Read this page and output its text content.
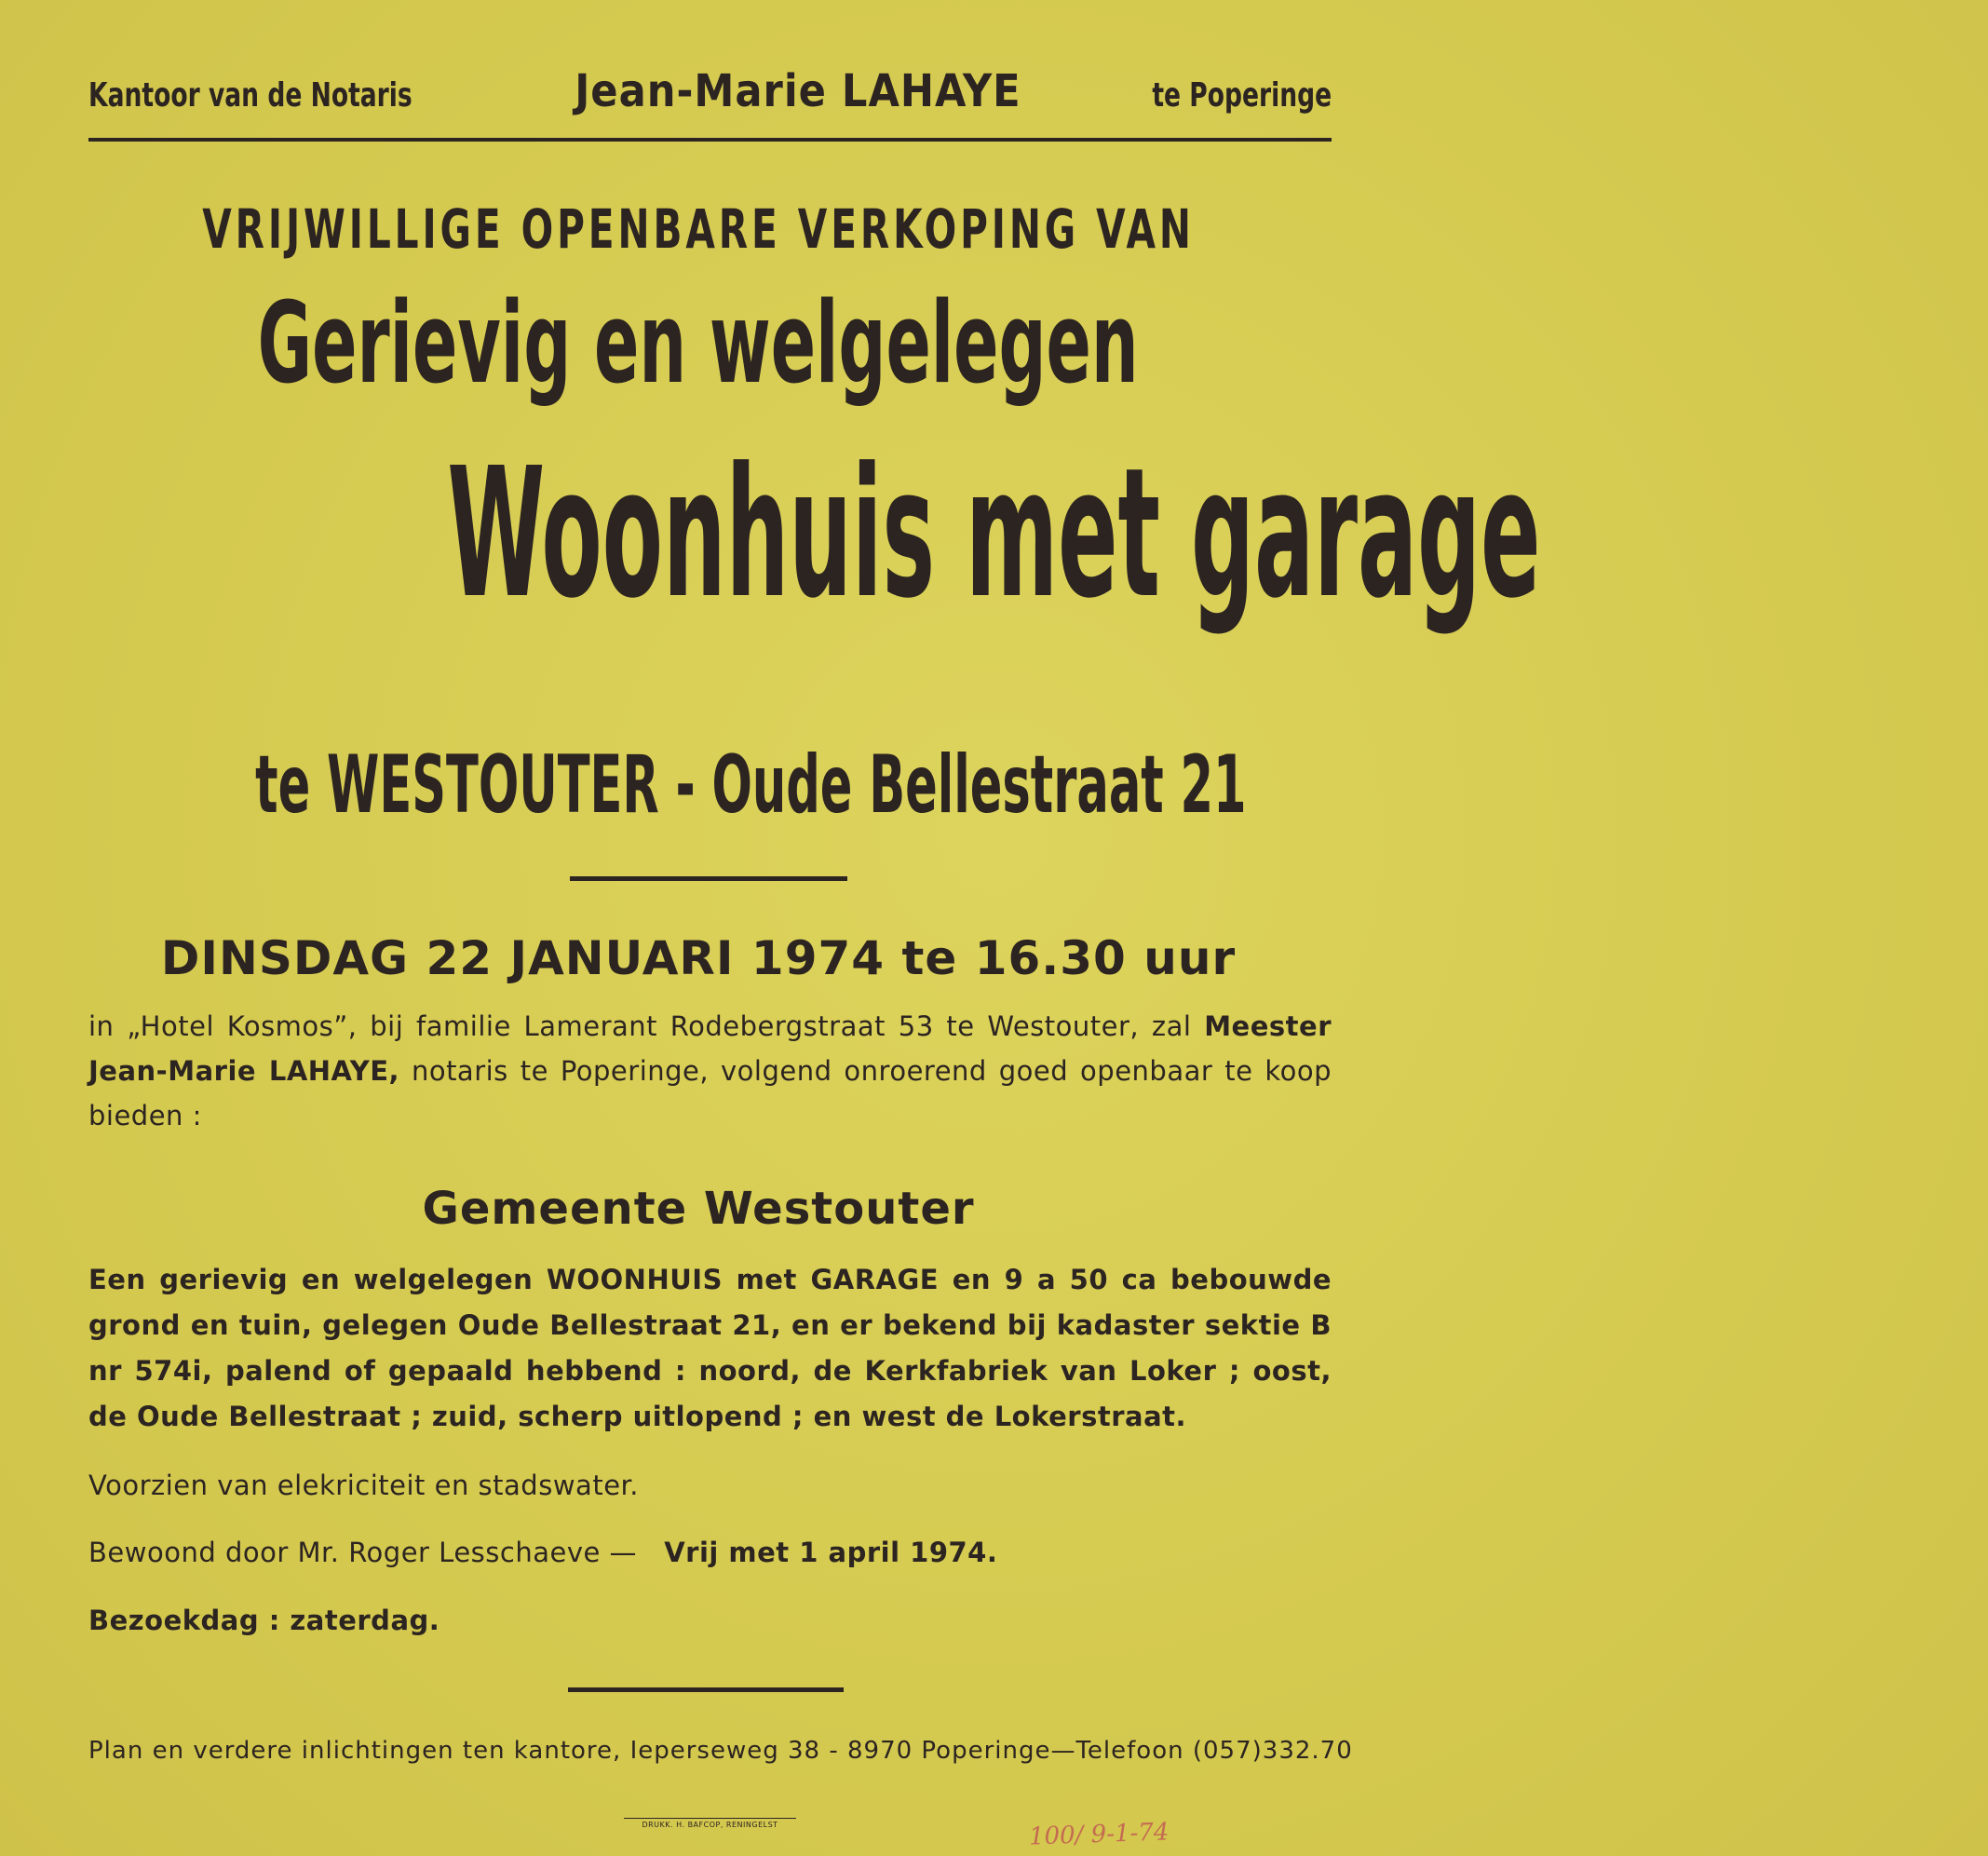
Kantoor van de Notaris	Jean-Marie LAHAYE	te Poperinge
VRIJWILLIGE OPENBARE VERKOPING VAN
Gerievig en welgelegen
Woonhuis met garage
te WESTOUTER - Oude Bellestraat 21
DINSDAG 22 JANUARI 1974 te 16.30 uur
in „Hotel Kosmos”, bij familie Lamerant Rodebergstraat 53 te Westouter, zal Meester Jean-Marie LAHAYE, notaris te Poperinge, volgend onroerend goed openbaar te koop bieden :
Gemeente Westouter
Een gerievig en welgelegen WOONHUIS met GARAGE en 9 a 50 ca bebouwde grond en tuin, gelegen Oude Bellestraat 21, en er bekend bij kadaster sektie B nr 574i, palend of gepaald hebbend : noord, de Kerkfabriek van Loker ; oost, de Oude Bellestraat ; zuid, scherp uitlopend ; en west de Lokerstraat.
Voorzien van elekriciteit en stadswater.
Bewoond door Mr. Roger Lesschaeve — Vrij met 1 april 1974.
Bezoekdag : zaterdag.
Plan en verdere inlichtingen ten kantore, Ieperseweg 38 - 8970 Poperinge — Telefoon (057)332.70
DRUKK. H. BAFCOP, RENINGELST	100/ 9-1-74
